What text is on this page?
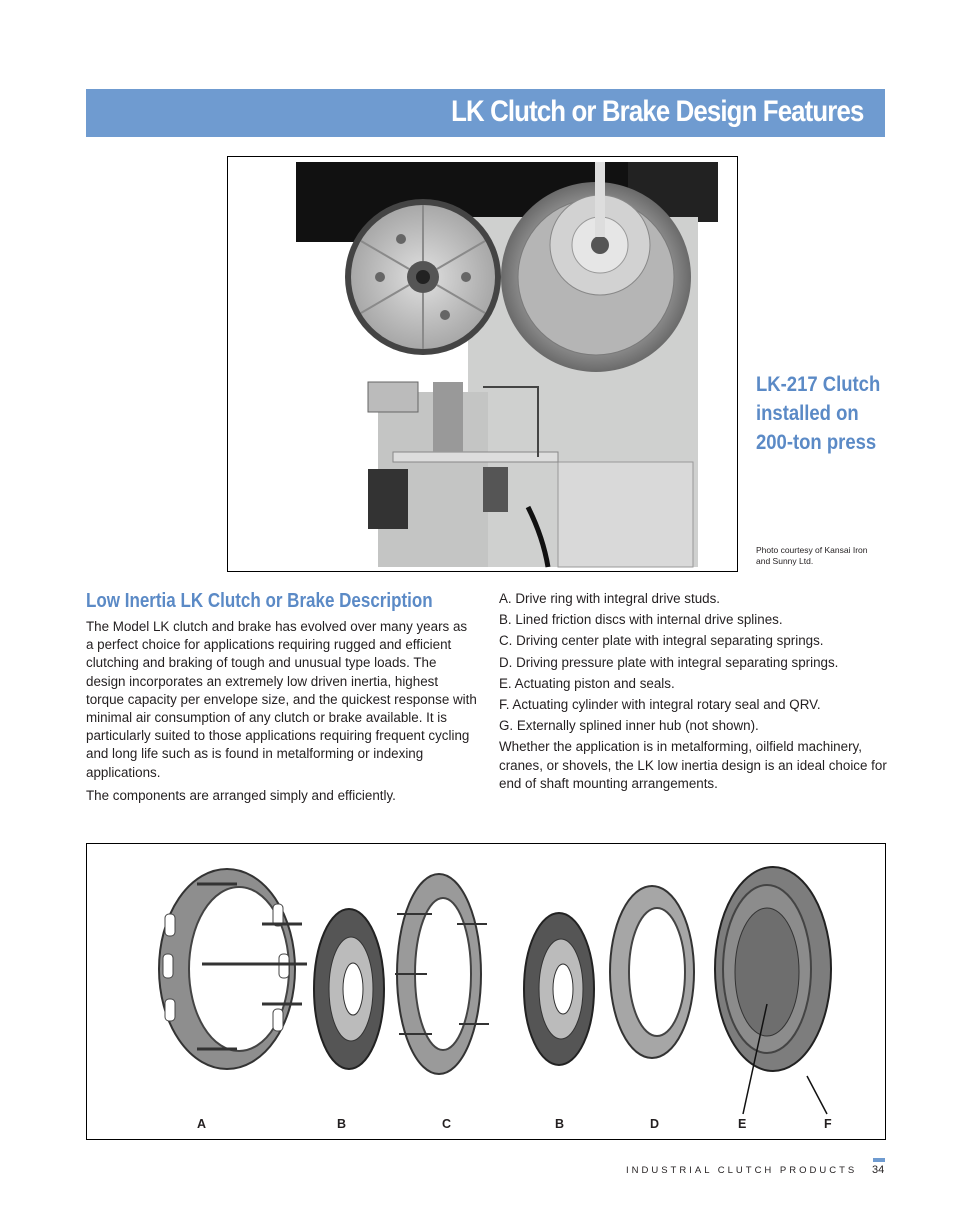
LK Clutch or Brake Design Features
LK-217 Clutch
installed on
200-ton press
Photo courtesy of Kansai Iron
and Sunny Ltd.
Low Inertia LK Clutch or Brake Description

The Model LK clutch and brake has evolved over many years as a perfect choice for applications requiring rugged and efficient clutching and braking of tough and unusual type loads. The design incorporates an extremely low driven inertia, highest torque capacity per envelope size, and the quickest response with minimal air consumption of any clutch or brake available. It is particularly suited to those applications requiring frequent cycling and long life such as is found in metalforming or indexing applications.

The components are arranged simply and efficiently.

A. Drive ring with integral drive studs.
B. Lined friction discs with internal drive splines.
C. Driving center plate with integral separating springs.
D. Driving pressure plate with integral separating springs.
E. Actuating piston and seals.
F. Actuating cylinder with integral rotary seal and QRV.
G. Externally splined inner hub (not shown).

Whether the application is in metalforming, oilfield machinery, cranes, or shovels, the LK low inertia design is an ideal choice for end of shaft mounting arrangements.

A	B	C	B	D	E	F
INDUSTRIAL CLUTCH PRODUCTS 34
